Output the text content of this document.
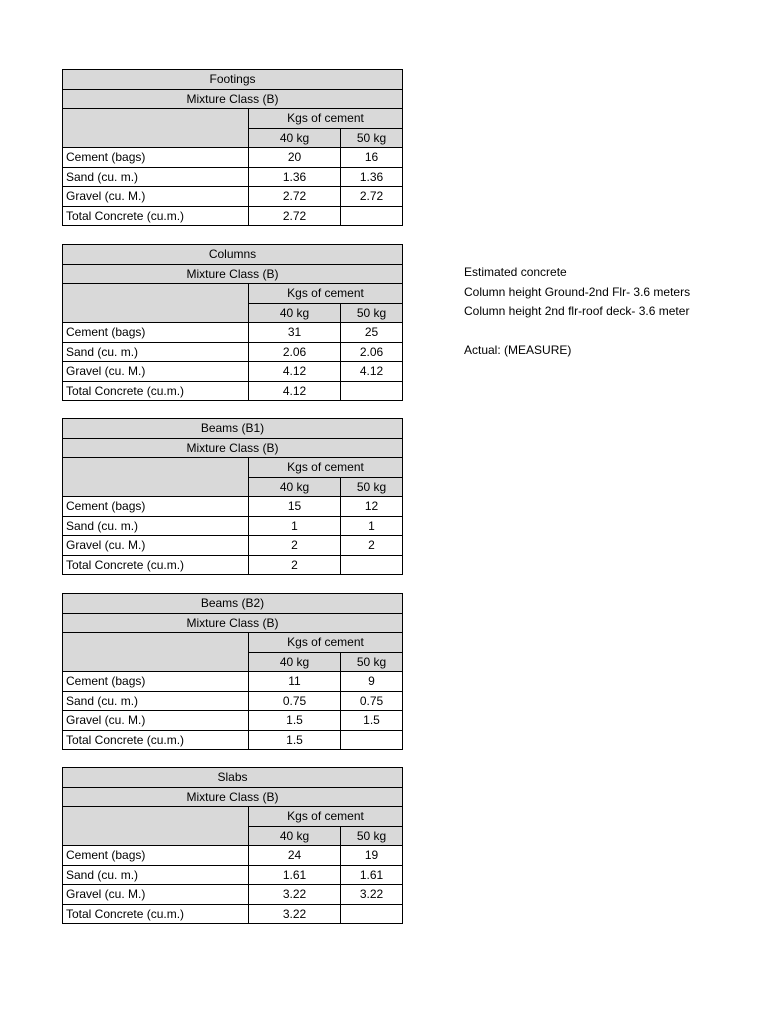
Footings		
Mixture Class (B)		
	Kgs of cement	
	40 kg	50 kg
Cement (bags)	20	16
Sand (cu. m.)	1.36	1.36
Gravel (cu. M.)	2.72	2.72
Total Concrete (cu.m.)	2.72	
Columns		
Mixture Class (B)		
	Kgs of cement	
	40 kg	50 kg
Cement (bags)	31	25
Sand (cu. m.)	2.06	2.06
Gravel (cu. M.)	4.12	4.12
Total Concrete (cu.m.)	4.12	
Beams (B1)		
Mixture Class (B)		
	Kgs of cement	
	40 kg	50 kg
Cement (bags)	15	12
Sand (cu. m.)	1	1
Gravel (cu. M.)	2	2
Total Concrete (cu.m.)	2	
Beams (B2)		
Mixture Class (B)		
	Kgs of cement	
	40 kg	50 kg
Cement (bags)	11	9
Sand (cu. m.)	0.75	0.75
Gravel (cu. M.)	1.5	1.5
Total Concrete (cu.m.)	1.5	
Slabs		
Mixture Class (B)		
	Kgs of cement	
	40 kg	50 kg
Cement (bags)	24	19
Sand (cu. m.)	1.61	1.61
Gravel (cu. M.)	3.22	3.22
Total Concrete (cu.m.)	3.22	
Estimated concrete
Column height Ground-2nd Flr- 3.6 meters
Column height 2nd flr-roof deck- 3.6 meter
Actual: (MEASURE)
